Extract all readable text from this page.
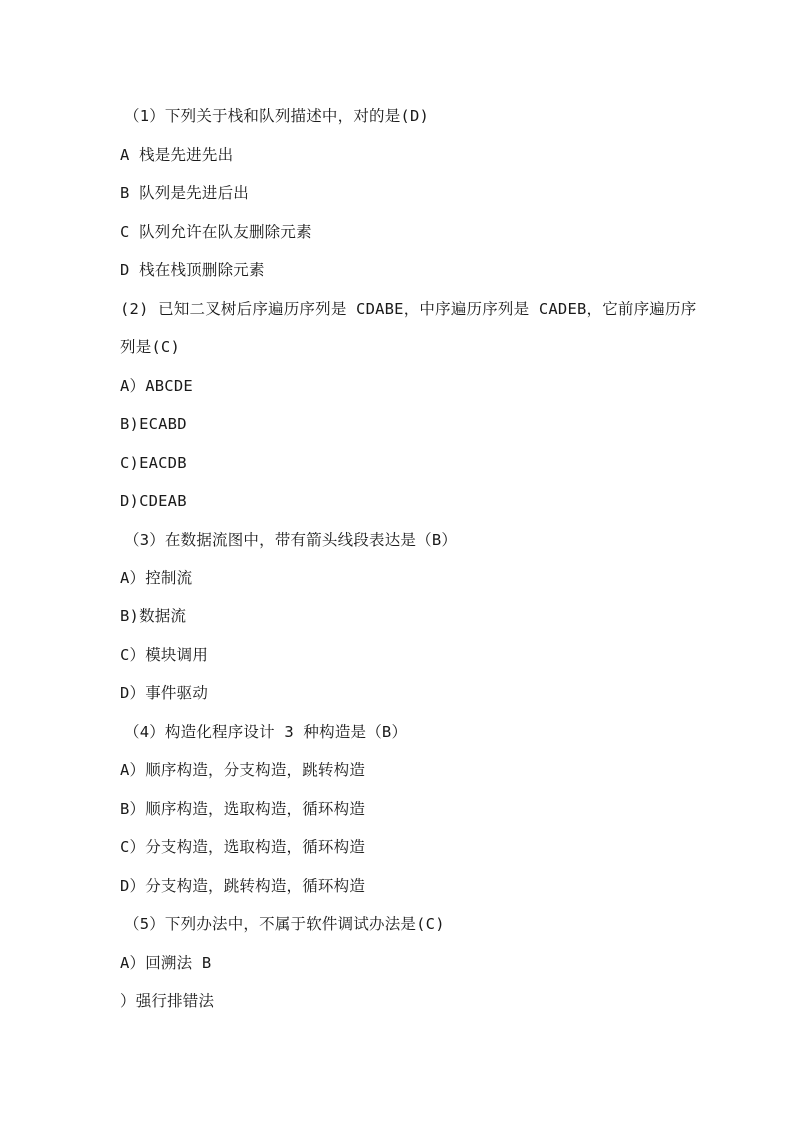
（1）下列关于栈和队列描述中，对的是(D)
A 栈是先进先出
B 队列是先进后出
C 队列允许在队友删除元素
D 栈在栈顶删除元素
(2) 已知二叉树后序遍历序列是 CDABE，中序遍历序列是 CADEB，它前序遍历序
列是(C)
A）ABCDE
B)ECABD
C)EACDB
D)CDEAB
（3）在数据流图中，带有箭头线段表达是（B）
A）控制流
B)数据流
C）模块调用
D）事件驱动
（4）构造化程序设计 3 种构造是（B）
A）顺序构造，分支构造，跳转构造
B）顺序构造，选取构造，循环构造
C）分支构造，选取构造，循环构造
D）分支构造，跳转构造，循环构造
（5）下列办法中，不属于软件调试办法是(C)
A）回溯法 B
）强行排错法
